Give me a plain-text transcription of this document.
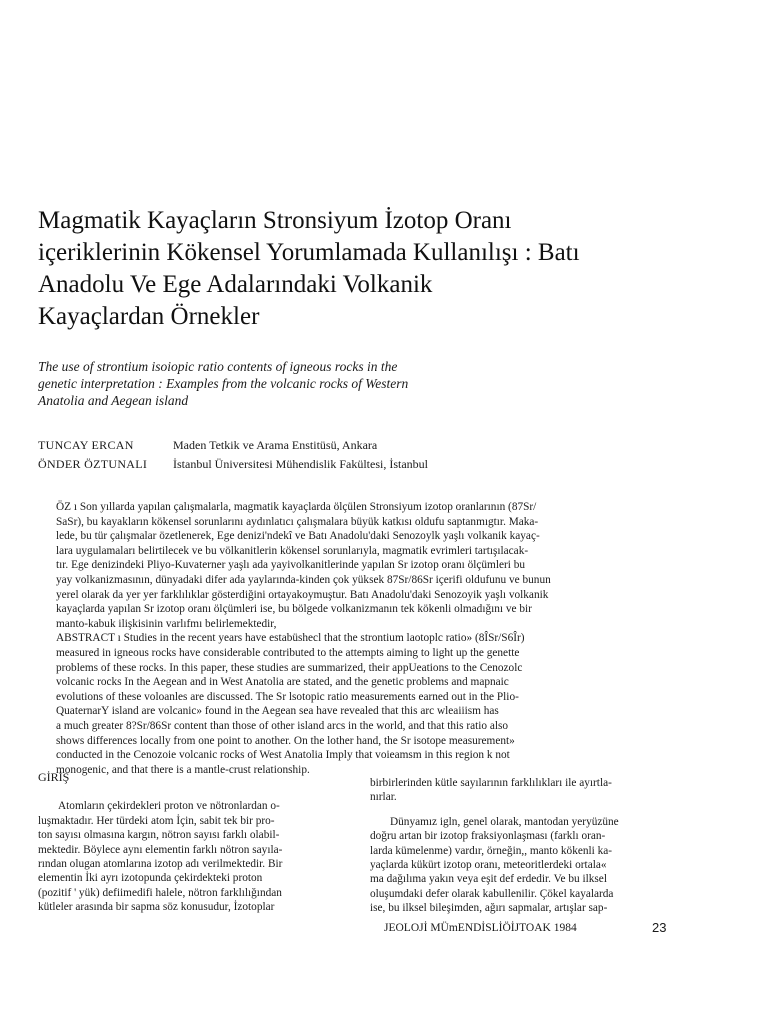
Magmatik Kayaçların Stronsiyum İzotop Oranı
içeriklerinin Kökensel Yorumlamada Kullanılışı : Batı
Anadolu Ve Ege Adalarındaki Volkanik
Kayaçlardan Örnekler

The use of strontium isoiopic ratio contents of igneous rocks in the
genetic interpretation : Examples from the volcanic rocks of Western
Anatolia and Aegean island

TUNCAY ERCAN	Maden Tetkik ve Arama Enstitüsü, Ankara
ÖNDER ÖZTUNALI	İstanbul Üniversitesi Mühendislik Fakültesi, İstanbul
ÖZ ı Son yıllarda yapılan çalışmalarla, magmatik kayaçlarda ölçülen Stronsiyum izotop oranlarının (87Sr/
SaSr), bu kayakların kökensel sorunlarını aydınlatıcı çalışmalara büyük katkısı oldufu saptanmıgtır. Maka-
lede, bu tür çalışmalar özetlenerek, Ege denizi'ndekî ve Batı Anadolu'daki Senozoylk yaşlı volkanik kayaç-
lara uygulamaları belirtilecek ve bu völkanitlerin kökensel sorunlarıyla, magmatik evrimleri tartışılacak-
tır. Ege denizindeki Pliyo-Kuvaterner yaşlı ada yayivolkanitlerinde yapılan Sr izotop oranı ölçümleri bu
yay volkanizmasının, dünyadaki difer ada yaylarında-kinden çok yüksek 87Sr/86Sr içerifi oldufunu ve bunun
yerel olarak da yer yer farklılıklar gösterdiğini ortayakoymuştur. Batı Anadolu'daki Senozoyik yaşlı volkanik
kayaçlarda yapılan Sr izotop oranı ölçümleri ise, bu bölgede volkanizmanın tek kökenli olmadığını ve bir
manto-kabuk ilişkisinin varlıfmı belirlemektedir,
ABSTRACT ı Studies in the recent years have estabüshecl that the strontium laotoplc ratio» (8ÎSr/S6Îr)
measured in igneous rocks have considerable contributed to the attempts aiming to light up the genette
problems of these rocks. In this paper, these studies are summarized, their appUeations to the Cenozolc
volcanic rocks In the Aegean and in West Anatolia are stated, and the genetic problems and mapnaic
evolutions of these voloanles are discussed. The Sr lsotopic ratio measurements earned out in the Plio-
QuaternarY island are volcanic» found in the Aegean sea have revealed that this arc wleaiiism has
a much greater 8?Sr/86Sr content than those of other island arcs in the world, and that this ratio also
shows differences locally from one point to another. On the lother hand, the Sr isotope measurement»
conducted in the Cenozoie volcanic rocks of West Anatolia Imply that voieamsm in this region k not
monogenic, and that there is a mantle-crust relationship.
GİRİŞ
Atomların çekirdekleri proton ve nötronlardan o-
luşmaktadır. Her türdeki atom İçin, sabit tek bir pro-
ton sayısı olmasına kargın, nötron sayısı farklı olabil-
mektedir. Böylece aynı elementin farklı nötron sayıla-
rından olugan atomlarına izotop adı verilmektedir. Bir
elementin İki ayrı izotopunda çekirdekteki proton
(pozitif ' yük) defiimedifi halele, nötron farklılığından
kütleler arasında bir sapma söz konusudur, İzotoplar
birbirlerinden kütle sayılarının farklılıkları ile ayırtla-
nırlar.
Dünyamız igln, genel olarak, mantodan yeryüzüne
doğru artan bir izotop fraksiyonlaşması (farklı oran-
larda kümelenme) vardır, örneğin,, manto kökenli ka-
yaçlarda kükürt izotop oranı, meteoritlerdeki ortala«
ma dağılıma yakın veya eşit def erdedir. Ve bu ilksel
oluşumdaki defer olarak kabullenilir. Çökel kayalarda
ise, bu ilksel bileşimden, ağırı sapmalar, artışlar sap-
JEOLOJİ MÜmENDİSLİÖİJTOAK 1984	23
